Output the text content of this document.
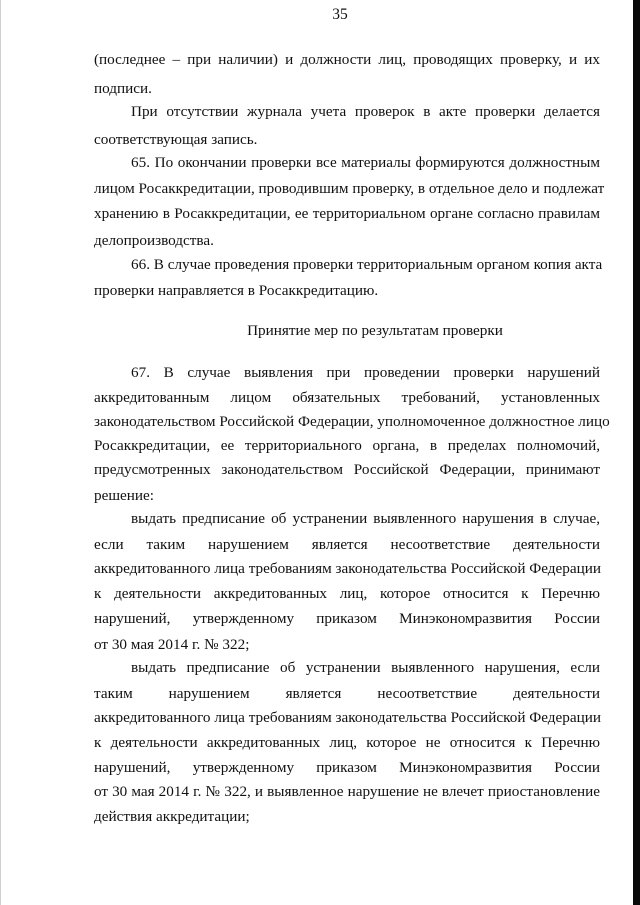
35
(последнее – при наличии) и должности лиц, проводящих проверку, и их
подписи.
При отсутствии журнала учета проверок в акте проверки делается
соответствующая запись.
65. По окончании проверки все материалы формируются должностным
лицом Росаккредитации, проводившим проверку, в отдельное дело и подлежат
хранению в Росаккредитации, ее территориальном органе согласно правилам
делопроизводства.
66. В случае проведения проверки территориальным органом копия акта
проверки направляется в Росаккредитацию.
Принятие мер по результатам проверки
67. В случае выявления при проведении проверки нарушений
аккредитованным лицом обязательных требований, установленных
законодательством Российской Федерации, уполномоченное должностное лицо
Росаккредитации, ее территориального органа, в пределах полномочий,
предусмотренных законодательством Российской Федерации, принимают
решение:
выдать предписание об устранении выявленного нарушения в случае,
если таким нарушением является несоответствие деятельности
аккредитованного лица требованиям законодательства Российской Федерации
к деятельности аккредитованных лиц, которое относится к Перечню
нарушений, утвержденному приказом Минэкономразвития России
от 30 мая 2014 г. № 322;
выдать предписание об устранении выявленного нарушения, если
таким нарушением является несоответствие деятельности
аккредитованного лица требованиям законодательства Российской Федерации
к деятельности аккредитованных лиц, которое не относится к Перечню
нарушений, утвержденному приказом Минэкономразвития России
от 30 мая 2014 г. № 322, и выявленное нарушение не влечет приостановление
действия аккредитации;
